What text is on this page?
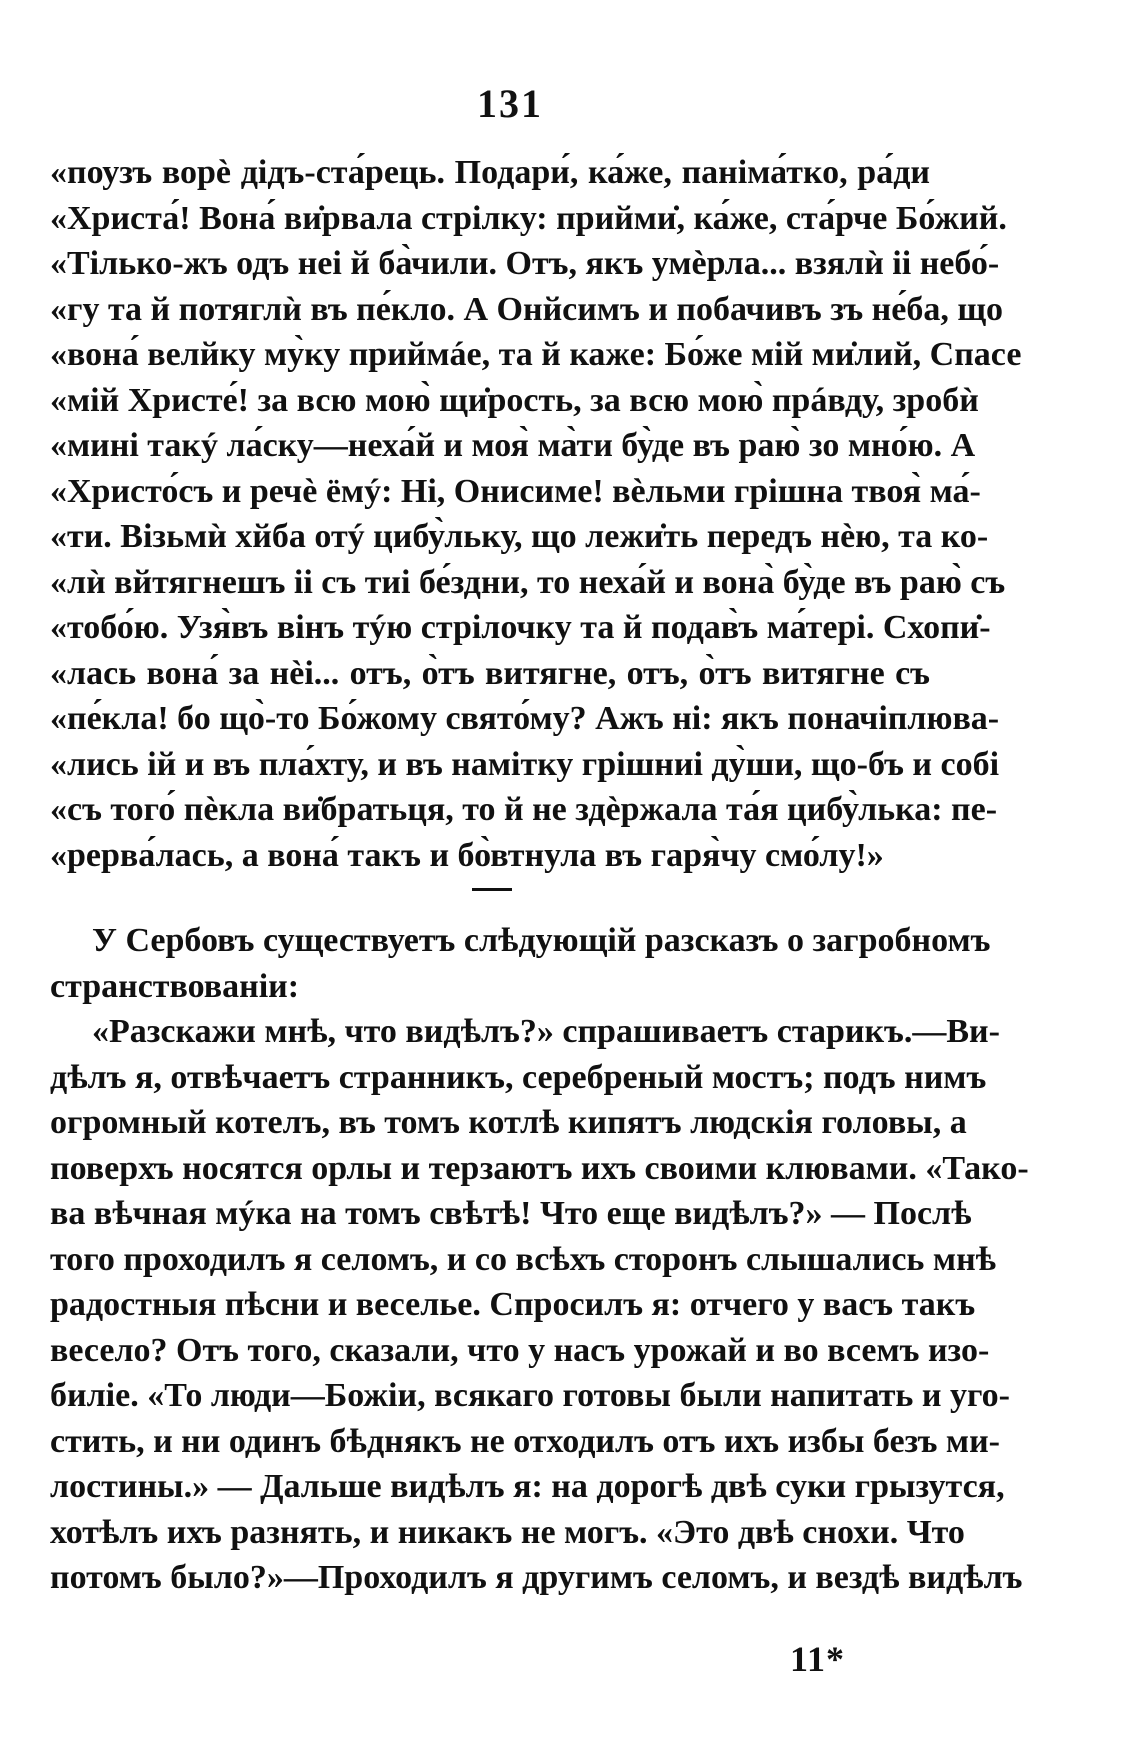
131
«поузъ ворѐ дідъ-ста́рець. Подари́, ка́же, панiма́тко, ра́ди
«Христа́! Вона́ ви̇рвала стрілку: прийми̇, ка́же, ста́рче Бо́жий.
«Тілько-жъ одъ неі й ба̀чили. Отъ, якъ умѐрла... взялѝ іі небо́-
«гу та й потяглѝ въ пе́кло. А Онйсимъ и побачивъ зъ не́ба, що
«вона́ велйку му̀ку приймáе, та й каже: Бо́же мій ми̇лий, Спасе
«мій Христе́! за всю мою̀ щи̇рость, за всю мою̀ прáвду, зробѝ
«мині такý ла́ску—неха́й и моя̀ ма̀ти бу̀де въ раю̀ зо мно́ю. А
«Христо́съ и речѐ ёмý: Ні, Онисиме! вѐльми грішна твоя̀ ма́-
«ти. Візьмѝ хйба отý цибу̀льку, що лежи̇ть передъ нѐю, та ко-
«лѝ вйтягнешъ іі съ тиі бе́здни, то неха́й и вона̀ бу̀де въ раю̀ съ
«тобо́ю. Узя̀въ вінъ тýю стрілочку та й подав̀ъ ма́тері. Схопи̇-
«лась вона́ за нѐі... отъ, о̀тъ витягне, отъ, о̀тъ витягне съ
«пе́кла! бо що̀-то Бо́жому свято́му? Ажъ ні: якъ поначіплюва-
«лись ій и въ пла́хту, и въ намітку грішниі ду̀ши, що-бъ и собі
«съ того́ пѐкла ви̇братьця, то й не здѐржала та́я цибу̀лька: пе-
«рерва́лась, а вона́ такъ и бо̀втнула въ гаря̀чу смо́лу!»
У Сербовъ существуетъ слѣдующій разсказъ о загробномъ
странствованіи:
«Разскажи мнѣ, что видѣлъ?» спрашиваетъ старикъ.—Ви-
дѣлъ я, отвѣчаетъ странникъ, серебреный мостъ; подъ нимъ
огромный котелъ, въ томъ котлѣ кипятъ людскія головы, а
поверхъ носятся орлы и терзаютъ ихъ своими клювами. «Тако-
ва вѣчная мýка на томъ свѣтѣ! Что еще видѣлъ?» — Послѣ
того проходилъ я селомъ, и со всѣхъ сторонъ слышались мнѣ
радостныя пѣсни и веселье. Спросилъ я: отчего у васъ такъ
весело? Отъ того, сказали, что у насъ урожай и во всемъ изо-
биліе. «То люди—Божіи, всякаго готовы были напитать и уго-
стить, и ни одинъ бѣднякъ не отходилъ отъ ихъ избы безъ ми-
лостины.» — Дальше видѣлъ я: на дорогѣ двѣ суки грызутся,
хотѣлъ ихъ разнять, и никакъ не могъ. «Это двѣ снохи. Что
потомъ было?»—Проходилъ я другимъ селомъ, и вездѣ видѣлъ
11*
